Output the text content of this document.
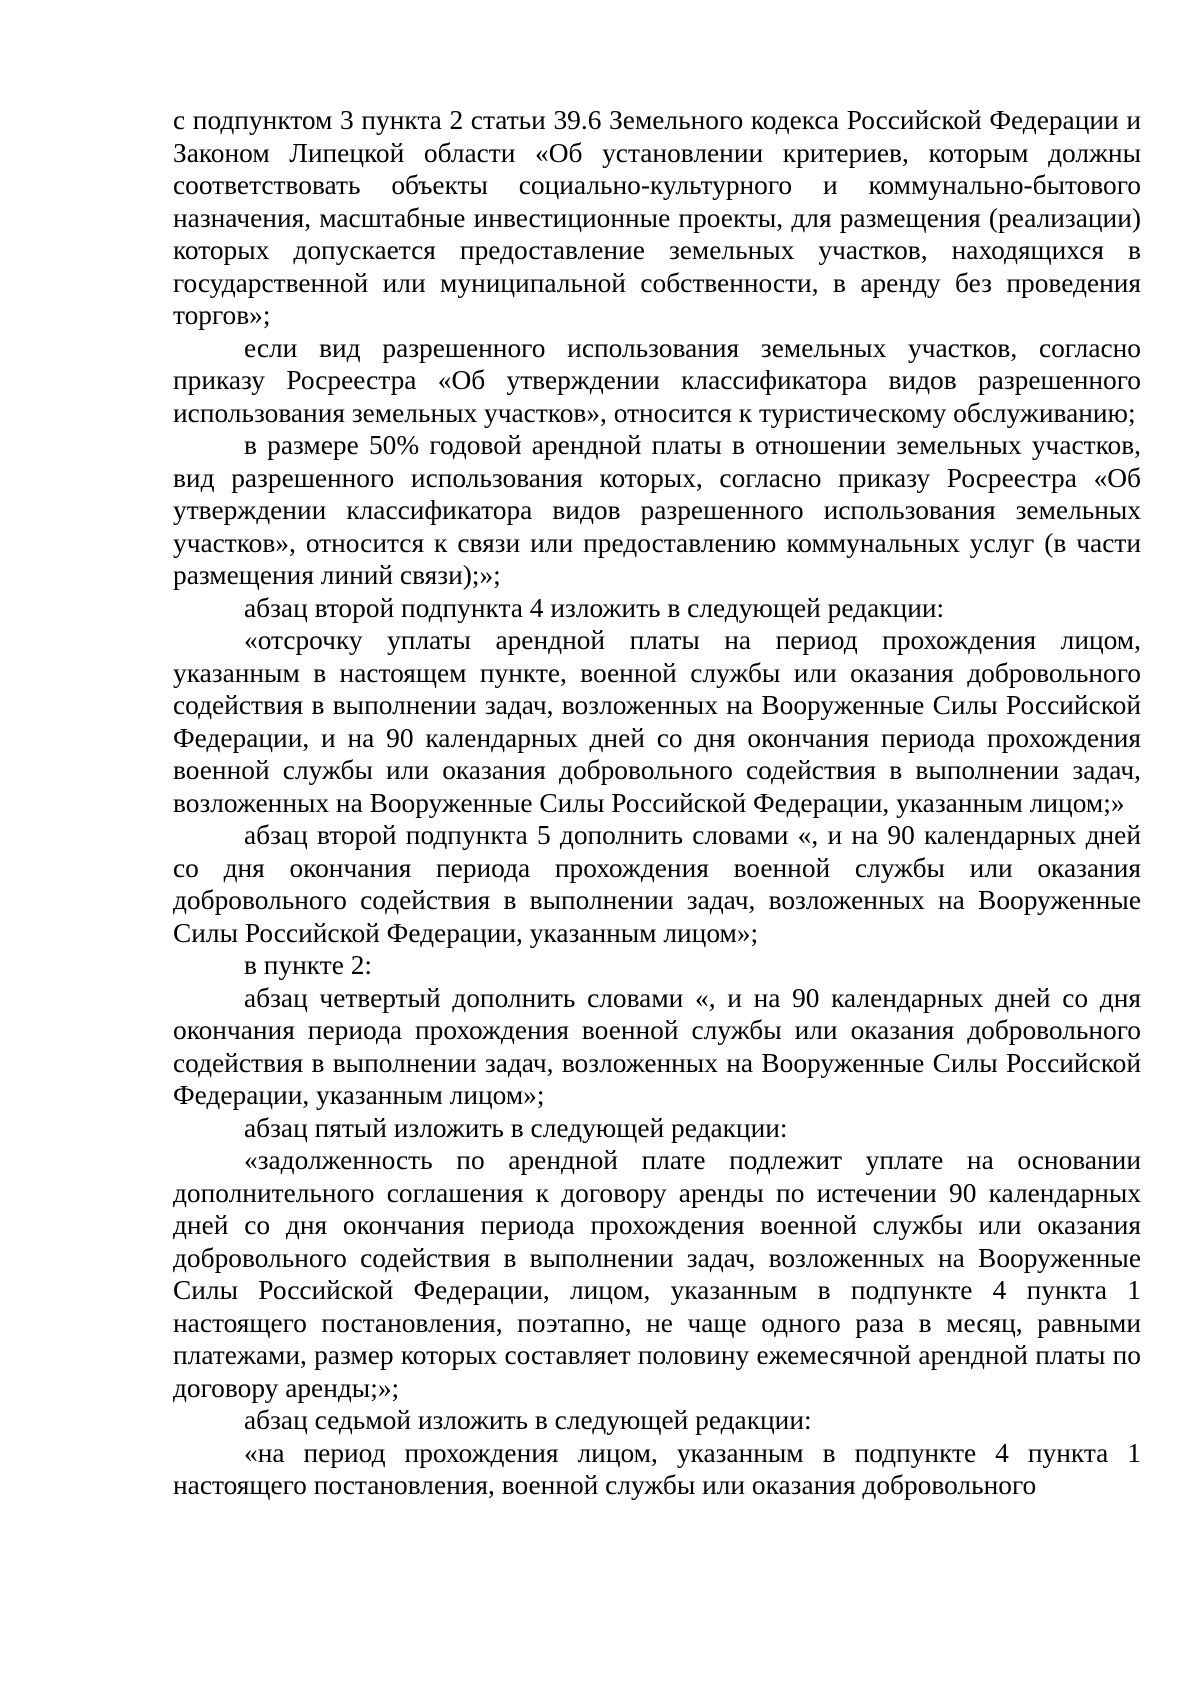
с подпунктом 3 пункта 2 статьи 39.6 Земельного кодекса Российской Федерации и Законом Липецкой области «Об установлении критериев, которым должны соответствовать объекты социально-культурного и коммунально-бытового назначения, масштабные инвестиционные проекты, для размещения (реализации) которых допускается предоставление земельных участков, находящихся в государственной или муниципальной собственности, в аренду без проведения торгов»;

если вид разрешенного использования земельных участков, согласно приказу Росреестра «Об утверждении классификатора видов разрешенного использования земельных участков», относится к туристическому обслуживанию;

в размере 50% годовой арендной платы в отношении земельных участков, вид разрешенного использования которых, согласно приказу Росреестра «Об утверждении классификатора видов разрешенного использования земельных участков», относится к связи или предоставлению коммунальных услуг (в части размещения линий связи);»;

абзац второй подпункта 4 изложить в следующей редакции:

«отсрочку уплаты арендной платы на период прохождения лицом, указанным в настоящем пункте, военной службы или оказания добровольного содействия в выполнении задач, возложенных на Вооруженные Силы Российской Федерации, и на 90 календарных дней со дня окончания периода прохождения военной службы или оказания добровольного содействия в выполнении задач, возложенных на Вооруженные Силы Российской Федерации, указанным лицом;»

абзац второй подпункта 5 дополнить словами «, и на 90 календарных дней со дня окончания периода прохождения военной службы или оказания добровольного содействия в выполнении задач, возложенных на Вооруженные Силы Российской Федерации, указанным лицом»;

в пункте 2:

абзац четвертый дополнить словами «, и на 90 календарных дней со дня окончания периода прохождения военной службы или оказания добровольного содействия в выполнении задач, возложенных на Вооруженные Силы Российской Федерации, указанным лицом»;

абзац пятый изложить в следующей редакции:

«задолженность по арендной плате подлежит уплате на основании дополнительного соглашения к договору аренды по истечении 90 календарных дней со дня окончания периода прохождения военной службы или оказания добровольного содействия в выполнении задач, возложенных на Вооруженные Силы Российской Федерации, лицом, указанным в подпункте 4 пункта 1 настоящего постановления, поэтапно, не чаще одного раза в месяц, равными платежами, размер которых составляет половину ежемесячной арендной платы по договору аренды;»;

абзац седьмой изложить в следующей редакции:

«на период прохождения лицом, указанным в подпункте 4 пункта 1 настоящего постановления, военной службы или оказания добровольного
